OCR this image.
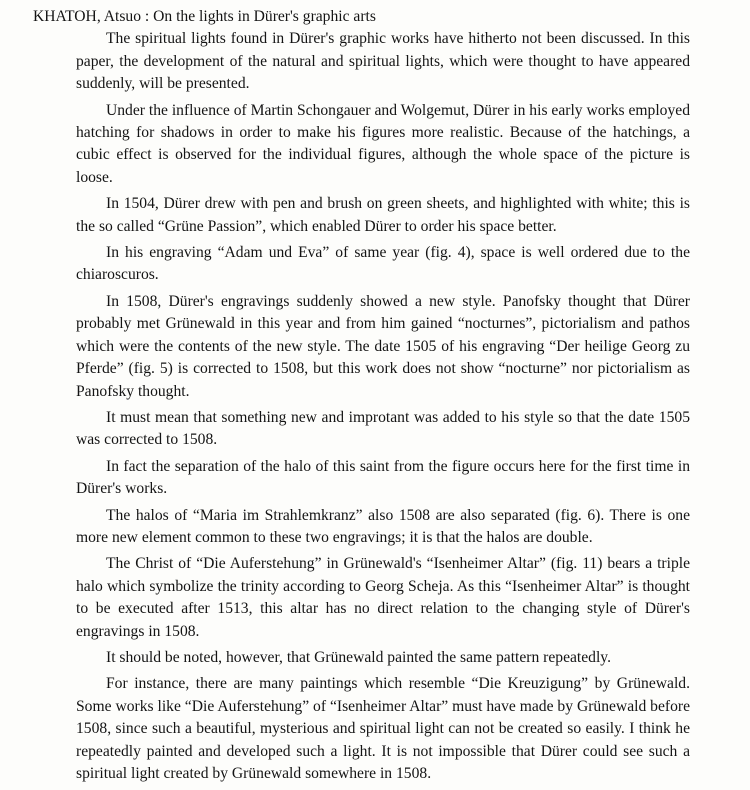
KHATOH, Atsuo : On the lights in Dürer's graphic arts

The spiritual lights found in Dürer's graphic works have hitherto not been discussed. In this paper, the development of the natural and spiritual lights, which were thought to have appeared suddenly, will be presented.

Under the influence of Martin Schongauer and Wolgemut, Dürer in his early works employed hatching for shadows in order to make his figures more realistic. Because of the hatchings, a cubic effect is observed for the individual figures, although the whole space of the picture is loose.

In 1504, Dürer drew with pen and brush on green sheets, and highlighted with white; this is the so called “Grüne Passion”, which enabled Dürer to order his space better.

In his engraving “Adam und Eva” of same year (fig. 4), space is well ordered due to the chiaroscuros.

In 1508, Dürer's engravings suddenly showed a new style. Panofsky thought that Dürer probably met Grünewald in this year and from him gained “nocturnes”, pictorialism and pathos which were the contents of the new style. The date 1505 of his engraving “Der heilige Georg zu Pferde” (fig. 5) is corrected to 1508, but this work does not show “nocturne” nor pictorialism as Panofsky thought.

It must mean that something new and improtant was added to his style so that the date 1505 was corrected to 1508.

In fact the separation of the halo of this saint from the figure occurs here for the first time in Dürer's works.

The halos of “Maria im Strahlemkranz” also 1508 are also separated (fig. 6). There is one more new element common to these two engravings; it is that the halos are double.

The Christ of “Die Auferstehung” in Grünewald's “Isenheimer Altar” (fig. 11) bears a triple halo which symbolize the trinity according to Georg Scheja. As this “Isenheimer Altar” is thought to be executed after 1513, this altar has no direct relation to the changing style of Dürer's engravings in 1508.

It should be noted, however, that Grünewald painted the same pattern repeatedly.

For instance, there are many paintings which resemble “Die Kreuzigung” by Grünewald. Some works like “Die Auferstehung” of “Isenheimer Altar” must have made by Grünewald before 1508, since such a beautiful, mysterious and spiritual light can not be created so easily. I think he repeatedly painted and developed such a light. It is not impossible that Dürer could see such a spiritual light created by Grünewald somewhere in 1508.
